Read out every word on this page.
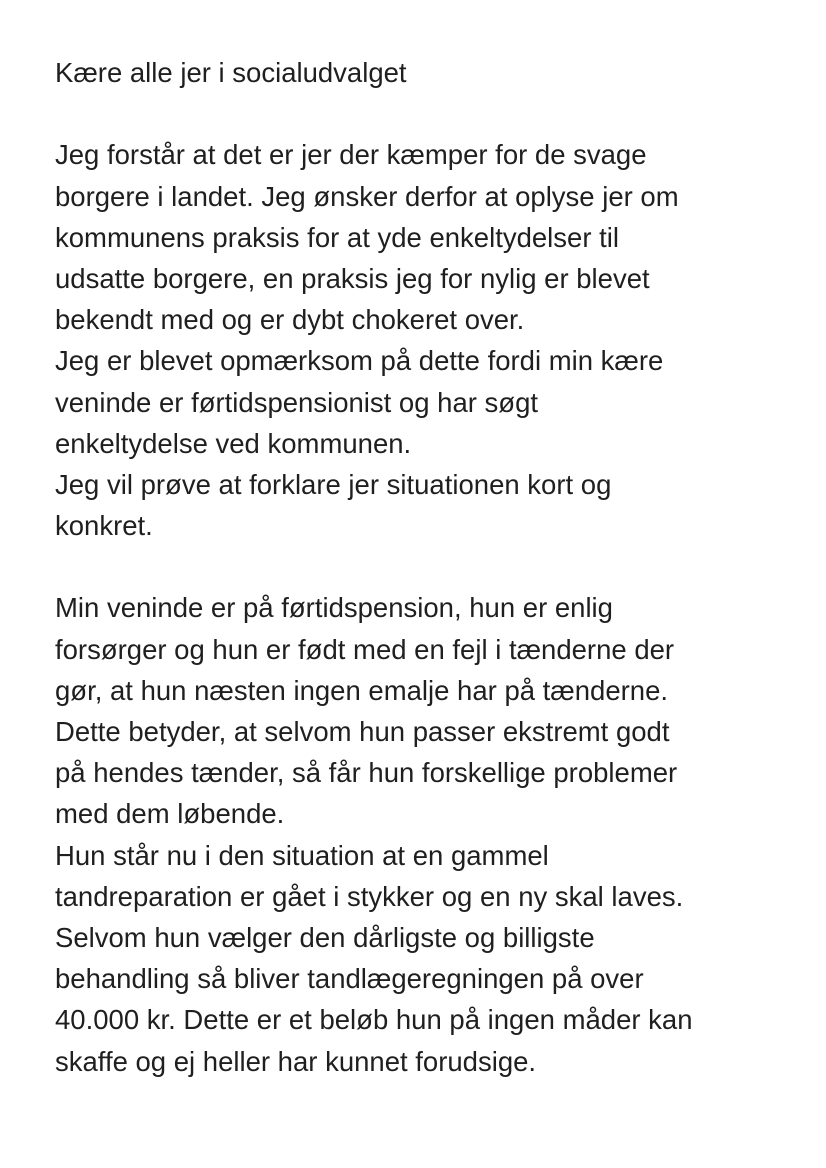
Kære alle jer i socialudvalget
Jeg forstår at det er jer der kæmper for de svage
borgere i landet. Jeg ønsker derfor at oplyse jer om
kommunens praksis for at yde enkeltydelser til
udsatte borgere, en praksis jeg for nylig er blevet
bekendt med og er dybt chokeret over.
Jeg er blevet opmærksom på dette fordi min kære
veninde er førtidspensionist og har søgt
enkeltydelse ved kommunen.
Jeg vil prøve at forklare jer situationen kort og
konkret.
Min veninde er på førtidspension, hun er enlig
forsørger og hun er født med en fejl i tænderne der
gør, at hun næsten ingen emalje har på tænderne.
Dette betyder, at selvom hun passer ekstremt godt
på hendes tænder, så får hun forskellige problemer
med dem løbende.
Hun står nu i den situation at en gammel
tandreparation er gået i stykker og en ny skal laves.
Selvom hun vælger den dårligste og billigste
behandling så bliver tandlægeregningen på over
40.000 kr. Dette er et beløb hun på ingen måder kan
skaffe og ej heller har kunnet forudsige.
